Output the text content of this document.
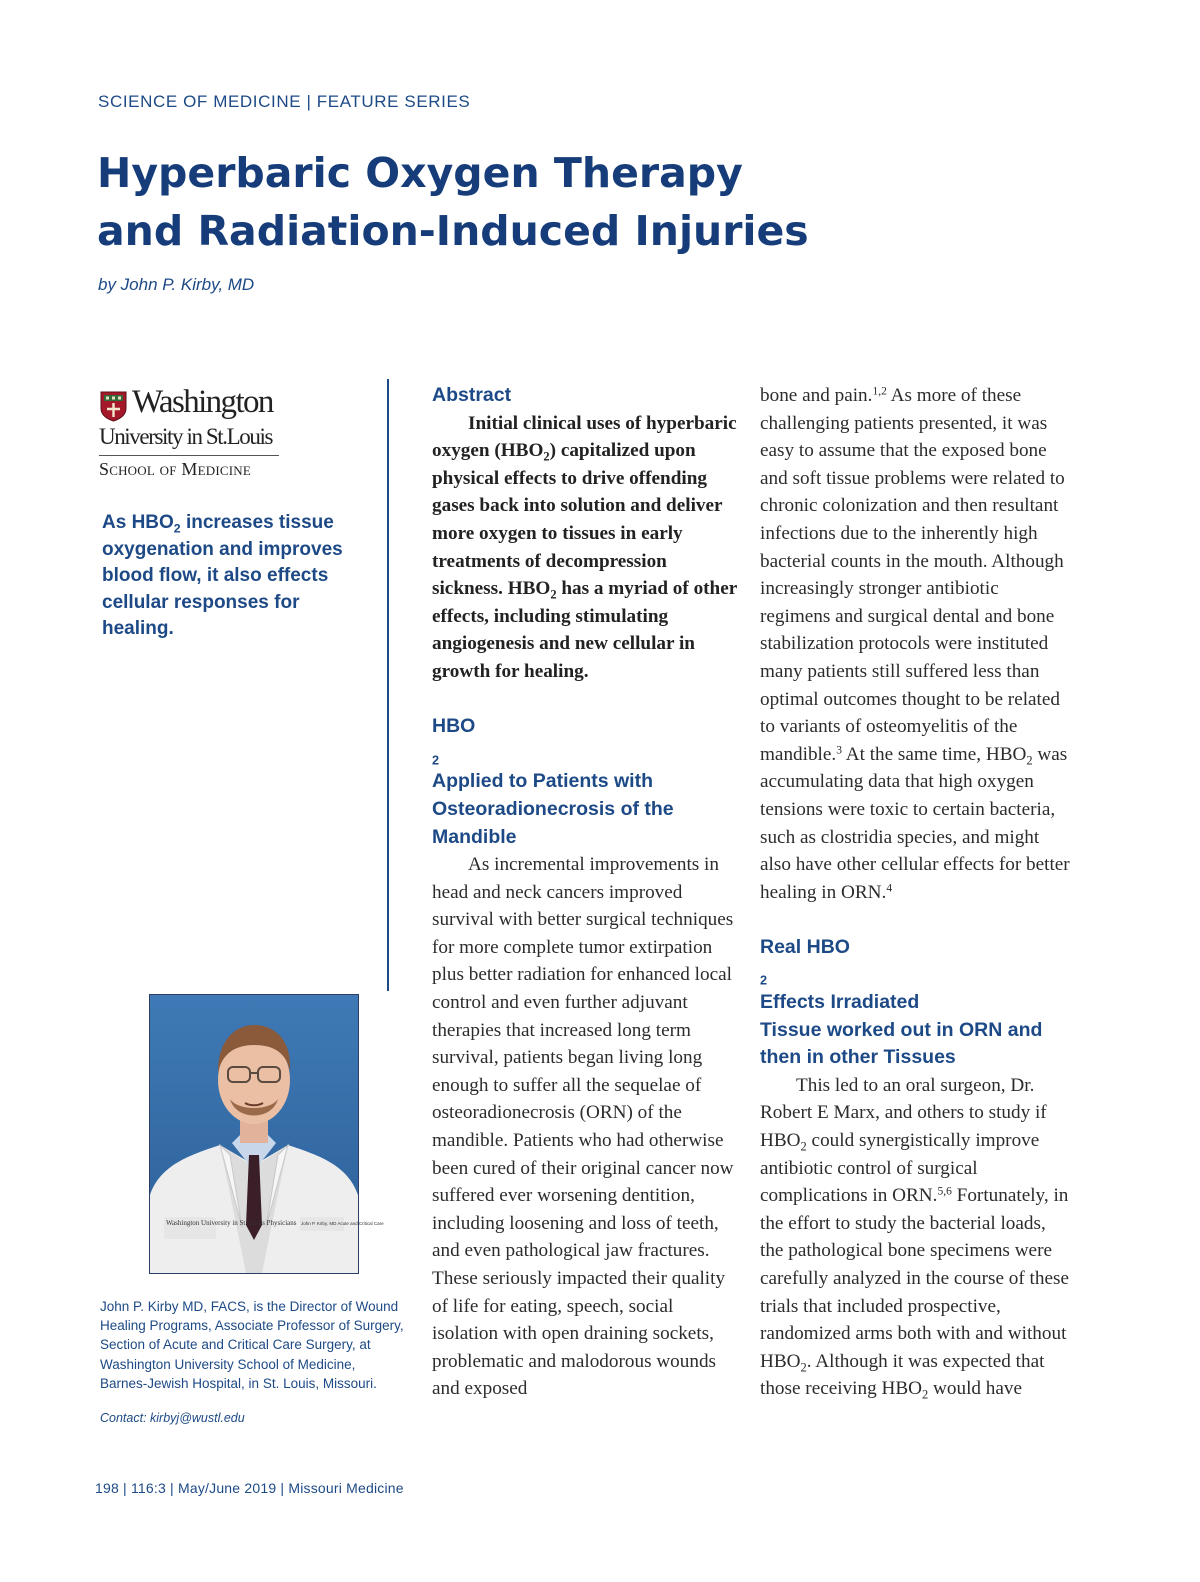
SCIENCE OF MEDICINE | FEATURE SERIES
Hyperbaric Oxygen Therapy
and Radiation-Induced Injuries
by John P. Kirby, MD
Washington
University in St.Louis
School of Medicine
As $HBO_2$ increases tissue oxygenation and improves blood flow, it also effects cellular responses for healing.
Washington University in St. Louis Physicians John P. Kirby, MD Acute and Critical Care
John P. Kirby MD, FACS, is the Director of Wound Healing Programs, Associate Professor of Surgery, Section of Acute and Critical Care Surgery, at Washington University School of Medicine, Barnes-Jewish Hospital, in St. Louis, Missouri.
Contact: kirbyj@wustl.edu
198 | 116:3 | May/June 2019 | Missouri Medicine

Abstract

Initial clinical uses of hyperbaric oxygen $(HBO_2)$ capitalized upon physical effects to drive offending gases back into solution and deliver more oxygen to tissues in early treatments of decompression sickness. $HBO_2$ has a myriad of other effects, including stimulating angiogenesis and new cellular in growth for healing.

HBO
$_2$
Applied to Patients with
Osteoradionecrosis of the
Mandible

As incremental improvements in head and neck cancers improved survival with better surgical techniques for more complete tumor extirpation plus better radiation for enhanced local control and even further adjuvant therapies that increased long term survival, patients began living long enough to suffer all the sequelae of osteoradionecrosis (ORN) of the mandible. Patients who had otherwise been cured of their original cancer now suffered ever worsening dentition, including loosening and loss of teeth, and even pathological jaw fractures. These seriously impacted their quality of life for eating, speech, social isolation with open draining sockets, problematic and malodorous wounds and exposed

bone and pain.$^{1,2}$ As more of these challenging patients presented, it was easy to assume that the exposed bone and soft tissue problems were related to chronic colonization and then resultant infections due to the inherently high bacterial counts in the mouth. Although increasingly stronger antibiotic regimens and surgical dental and bone stabilization protocols were instituted many patients still suffered less than optimal outcomes thought to be related to variants of osteomyelitis of the mandible.$^3$ At the same time, $HBO_2$ was accumulating data that high oxygen tensions were toxic to certain bacteria, such as clostridia species, and might also have other cellular effects for better healing in ORN.$^4$

Real HBO
$_2$
Effects Irradiated
Tissue worked out in ORN and
then in other Tissues

This led to an oral surgeon, Dr. Robert E Marx, and others to study if $HBO_2$ could synergistically improve antibiotic control of surgical complications in ORN.$^{5,6}$ Fortunately, in the effort to study the bacterial loads, the pathological bone specimens were carefully analyzed in the course of these trials that included prospective, randomized arms both with and without $HBO_2$. Although it was expected that those receiving $HBO_2$ would have
